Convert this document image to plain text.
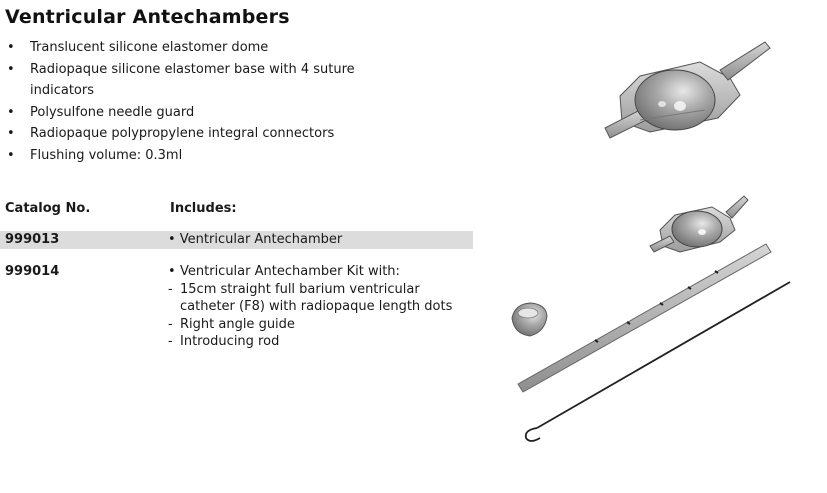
Ventricular Antechambers
• Translucent silicone elastomer dome
• Radiopaque silicone elastomer base with 4 suture
indicators
• Polysulfone needle guard
• Radiopaque polypropylene integral connectors
• Flushing volume: 0.3ml
Catalog No.	Includes:
999013	• Ventricular Antechamber
999014	• Ventricular Antechamber Kit with:
- 15cm straight full barium ventricular
catheter (F8) with radiopaque length dots
- Right angle guide
- Introducing rod
